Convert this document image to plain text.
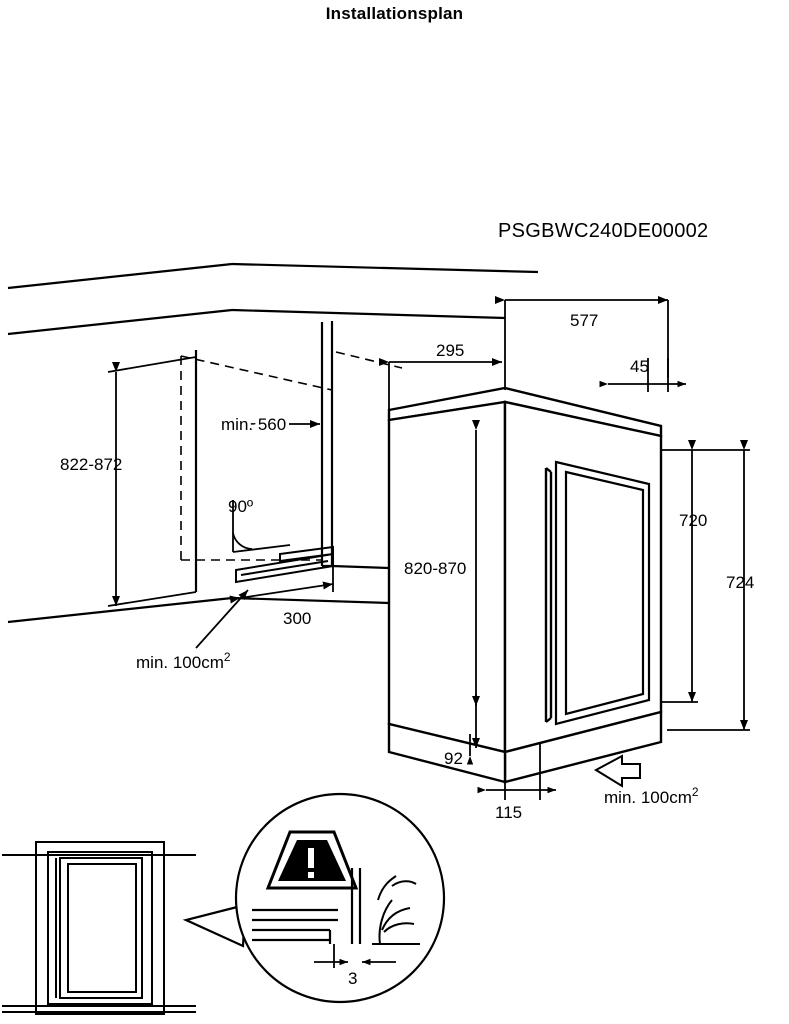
Installationsplan
PSGBWC240DE00002
822-872
min. 560
90º
300
min. $100cm^2$
577
295
45
820-870
720
724
92
115
min. $100cm^2$
3
